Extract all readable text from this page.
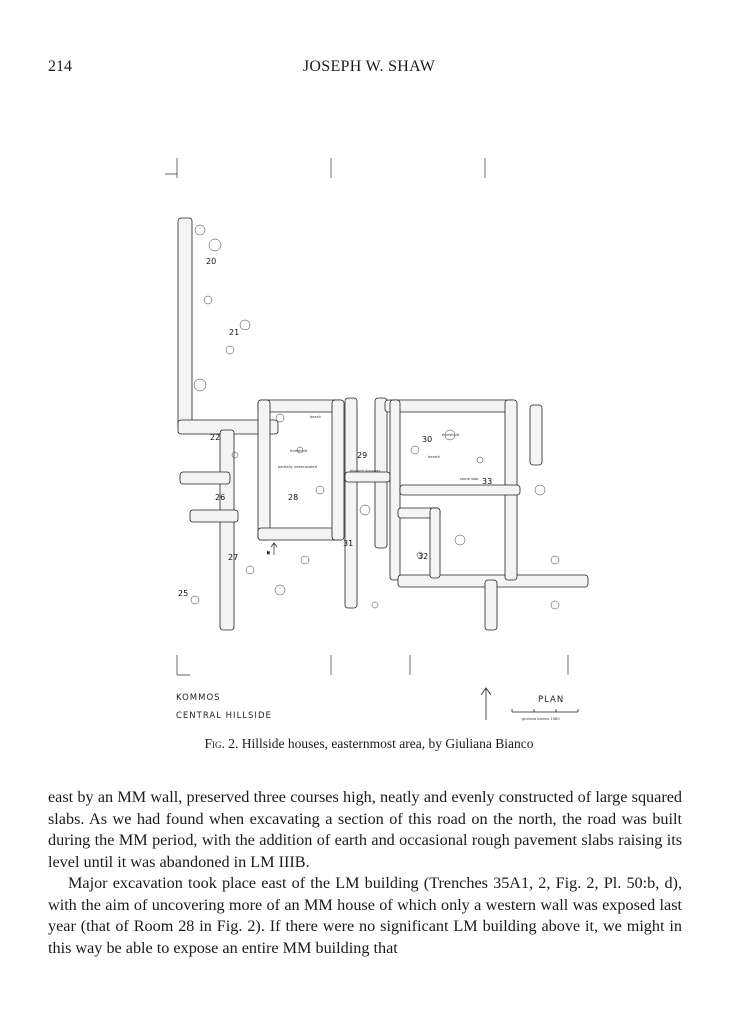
214	JOSEPH W. SHAW
20
21
22
25
26
27
28
29
30
31
32
33
beach
threshold
partially unexcavated
blocked doorway
hearth
threshold
stone slab
N
KOMMOS
CENTRAL HILLSIDE
PLAN
giuliana bianco 1980
Fig. 2. Hillside houses, easternmost area, by Giuliana Bianco

east by an MM wall, preserved three courses high, neatly and evenly constructed of large squared slabs. As we had found when excavating a section of this road on the north, the road was built during the MM period, with the addition of earth and occasional rough pavement slabs raising its level until it was abandoned in LM IIIB.

Major excavation took place east of the LM building (Trenches 35A1, 2, Fig. 2, Pl. 50:b, d), with the aim of uncovering more of an MM house of which only a western wall was exposed last year (that of Room 28 in Fig. 2). If there were no significant LM building above it, we might in this way be able to expose an entire MM building that
